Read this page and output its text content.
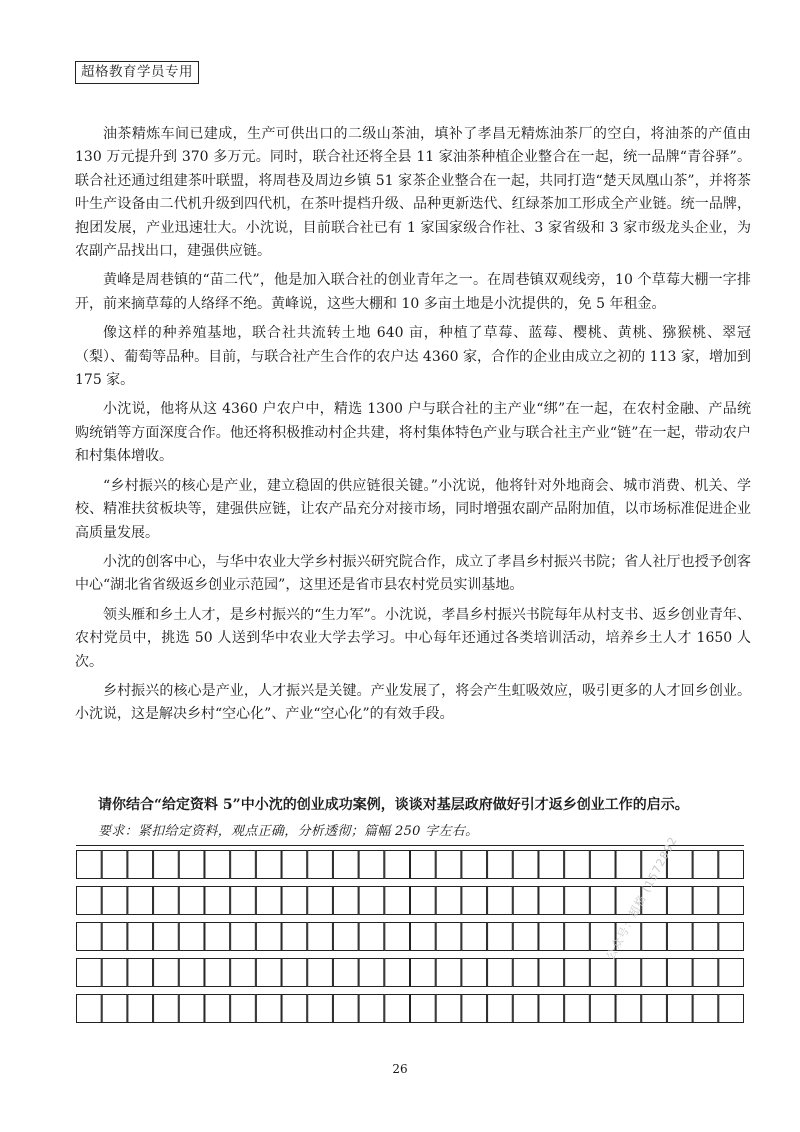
超格教育学员专用

油茶精炼车间已建成，生产可供出口的二级山茶油，填补了孝昌无精炼油茶厂的空白，将油茶的产值由 130 万元提升到 370 多万元。同时，联合社还将全县 11 家油茶种植企业整合在一起，统一品牌“青谷驿”。联合社还通过组建茶叶联盟，将周巷及周边乡镇 51 家茶企业整合在一起，共同打造“楚天凤凰山茶”，并将茶叶生产设备由二代机升级到四代机，在茶叶提档升级、品种更新迭代、红绿茶加工形成全产业链。统一品牌，抱团发展，产业迅速壮大。小沈说，目前联合社已有 1 家国家级合作社、3 家省级和 3 家市级龙头企业，为农副产品找出口，建强供应链。

黄峰是周巷镇的“苗二代”，他是加入联合社的创业青年之一。在周巷镇双观线旁，10 个草莓大棚一字排开，前来摘草莓的人络绎不绝。黄峰说，这些大棚和 10 多亩土地是小沈提供的，免 5 年租金。

像这样的种养殖基地，联合社共流转土地 640 亩，种植了草莓、蓝莓、樱桃、黄桃、猕猴桃、翠冠（梨）、葡萄等品种。目前，与联合社产生合作的农户达 4360 家，合作的企业由成立之初的 113 家，增加到 175 家。

小沈说，他将从这 4360 户农户中，精选 1300 户与联合社的主产业“绑”在一起，在农村金融、产品统购统销等方面深度合作。他还将积极推动村企共建，将村集体特色产业与联合社主产业“链”在一起，带动农户和村集体增收。

“乡村振兴的核心是产业，建立稳固的供应链很关键。”小沈说，他将针对外地商会、城市消费、机关、学校、精准扶贫板块等，建强供应链，让农产品充分对接市场，同时增强农副产品附加值，以市场标准促进企业高质量发展。

小沈的创客中心，与华中农业大学乡村振兴研究院合作，成立了孝昌乡村振兴书院；省人社厅也授予创客中心“湖北省省级返乡创业示范园”，这里还是省市县农村党员实训基地。

领头雁和乡土人才，是乡村振兴的“生力军”。小沈说，孝昌乡村振兴书院每年从村支书、返乡创业青年、农村党员中，挑选 50 人送到华中农业大学去学习。中心每年还通过各类培训活动，培养乡土人才 1650 人次。

乡村振兴的核心是产业，人才振兴是关键。产业发展了，将会产生虹吸效应，吸引更多的人才回乡创业。小沈说，这是解决乡村“空心化”、产业“空心化”的有效手段。

请你结合“给定资料 5”中小沈的创业成功案例，谈谈对基层政府做好引才返乡创业工作的启示。
要求：紧扣给定资料，观点正确，分析透彻；篇幅 250 字左右。
公众号：超格 (1572892
26
